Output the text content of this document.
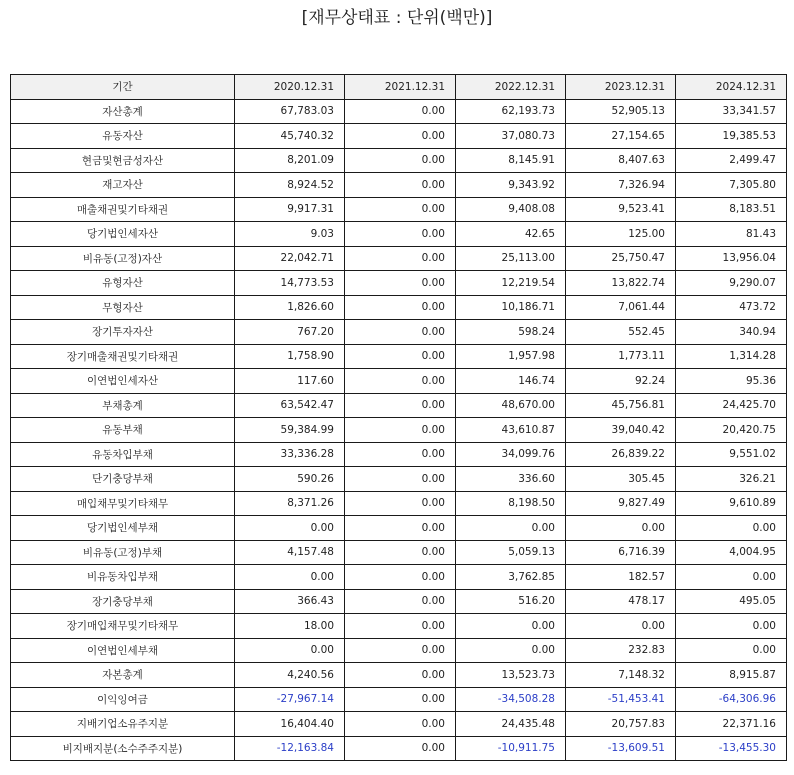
[재무상태표 : 단위(백만)]
기간	2020.12.31	2021.12.31	2022.12.31	2023.12.31	2024.12.31
자산총계	67,783.03	0.00	62,193.73	52,905.13	33,341.57
유동자산	45,740.32	0.00	37,080.73	27,154.65	19,385.53
현금및현금성자산	8,201.09	0.00	8,145.91	8,407.63	2,499.47
재고자산	8,924.52	0.00	9,343.92	7,326.94	7,305.80
매출채권및기타채권	9,917.31	0.00	9,408.08	9,523.41	8,183.51
당기법인세자산	9.03	0.00	42.65	125.00	81.43
비유동(고정)자산	22,042.71	0.00	25,113.00	25,750.47	13,956.04
유형자산	14,773.53	0.00	12,219.54	13,822.74	9,290.07
무형자산	1,826.60	0.00	10,186.71	7,061.44	473.72
장기투자자산	767.20	0.00	598.24	552.45	340.94
장기매출채권및기타채권	1,758.90	0.00	1,957.98	1,773.11	1,314.28
이연법인세자산	117.60	0.00	146.74	92.24	95.36
부채총계	63,542.47	0.00	48,670.00	45,756.81	24,425.70
유동부채	59,384.99	0.00	43,610.87	39,040.42	20,420.75
유동차입부채	33,336.28	0.00	34,099.76	26,839.22	9,551.02
단기충당부채	590.26	0.00	336.60	305.45	326.21
매입채무및기타채무	8,371.26	0.00	8,198.50	9,827.49	9,610.89
당기법인세부채	0.00	0.00	0.00	0.00	0.00
비유동(고정)부채	4,157.48	0.00	5,059.13	6,716.39	4,004.95
비유동차입부채	0.00	0.00	3,762.85	182.57	0.00
장기충당부채	366.43	0.00	516.20	478.17	495.05
장기매입채무및기타채무	18.00	0.00	0.00	0.00	0.00
이연법인세부채	0.00	0.00	0.00	232.83	0.00
자본총계	4,240.56	0.00	13,523.73	7,148.32	8,915.87
이익잉여금	-27,967.14	0.00	-34,508.28	-51,453.41	-64,306.96
지배기업소유주지분	16,404.40	0.00	24,435.48	20,757.83	22,371.16
비지배지분(소수주주지분)	-12,163.84	0.00	-10,911.75	-13,609.51	-13,455.30
